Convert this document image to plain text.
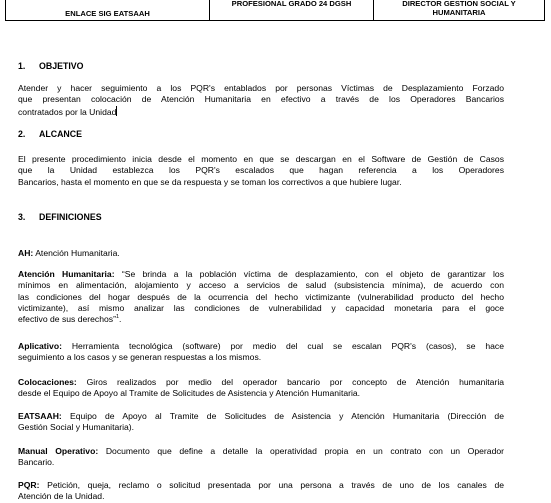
ENLACE SIG EATSAAH
PROFESIONAL GRADO 24 DGSH	DIRECTOR GESTION SOCIAL Y HUMANITARIA
1. OBJETIVO
Atender y hacer seguimiento a los PQR's entablados por personas Víctimas de Desplazamiento Forzado
que presentan colocación de Atención Humanitaria en efectivo a través de los Operadores Bancarios
contratados por la Unidad
2. ALCANCE
El presente procedimiento inicia desde el momento en que se descargan en el Software de Gestión de Casos
que la Unidad establezca los PQR's escalados que hagan referencia a los Operadores
Bancarios, hasta el momento en que se da respuesta y se toman los correctivos a que hubiere lugar.
3. DEFINICIONES
AH: Atención Humanitaria.
Atención Humanitaria: “Se brinda a la población víctima de desplazamiento, con el objeto de garantizar los
mínimos en alimentación, alojamiento y acceso a servicios de salud (subsistencia mínima), de acuerdo con
las condiciones del hogar después de la ocurrencia del hecho victimizante (vulnerabilidad producto del hecho
victimizante), así mismo analizar las condiciones de vulnerabilidad y capacidad monetaria para el goce
efectivo de sus derechos”$^1$.
Aplicativo: Herramienta tecnológica (software) por medio del cual se escalan PQR's (casos), se hace
seguimiento a los casos y se generan respuestas a los mismos.
Colocaciones: Giros realizados por medio del operador bancario por concepto de Atención humanitaria
desde el Equipo de Apoyo al Tramite de Solicitudes de Asistencia y Atención Humanitaria.
EATSAAH: Equipo de Apoyo al Tramite de Solicitudes de Asistencia y Atención Humanitaria (Dirección de
Gestión Social y Humanitaria).
Manual Operativo: Documento que define a detalle la operatividad propia en un contrato con un Operador
Bancario.
PQR: Petición, queja, reclamo o solicitud presentada por una persona a través de uno de los canales de
Atención de la Unidad.
